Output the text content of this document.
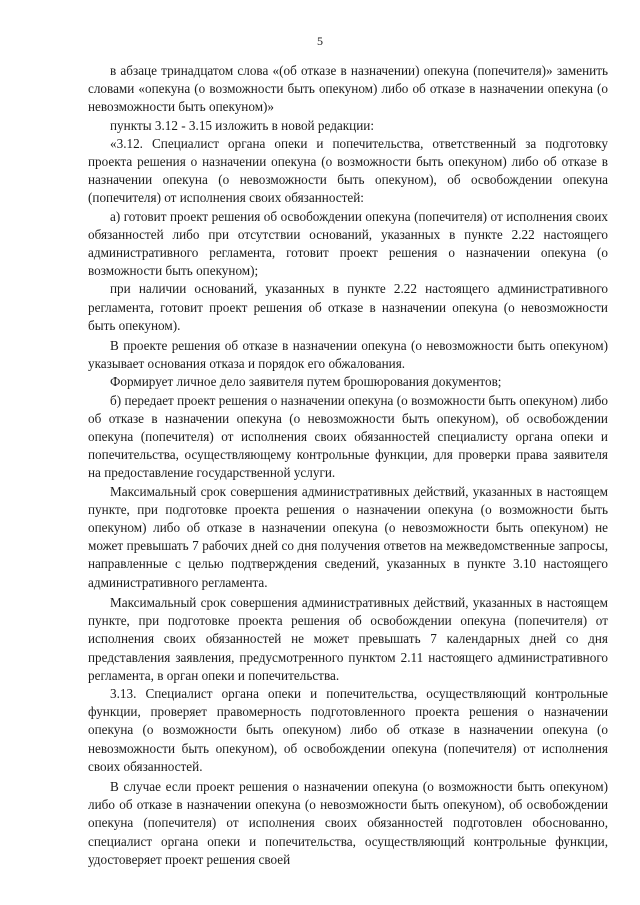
5

в абзаце тринадцатом слова «(об отказе в назначении) опекуна (попечителя)» заменить словами «опекуна (о возможности быть опекуном) либо об отказе в назначении опекуна (о невозможности быть опекуном)»

пункты 3.12 - 3.15 изложить в новой редакции:

«3.12. Специалист органа опеки и попечительства, ответственный за подготовку проекта решения о назначении опекуна (о возможности быть опекуном) либо об отказе в назначении опекуна (о невозможности быть опекуном), об освобождении опекуна (попечителя) от исполнения своих обязанностей:

а) готовит проект решения об освобождении опекуна (попечителя) от исполнения своих обязанностей либо при отсутствии оснований, указанных в пункте 2.22 настоящего административного регламента, готовит проект решения о назначении опекуна (о возможности быть опекуном);

при наличии оснований, указанных в пункте 2.22 настоящего административного регламента, готовит проект решения об отказе в назначении опекуна (о невозможности быть опекуном).

В проекте решения об отказе в назначении опекуна (о невозможности быть опекуном) указывает основания отказа и порядок его обжалования.

Формирует личное дело заявителя путем брошюрования документов;

б) передает проект решения о назначении опекуна (о возможности быть опекуном) либо об отказе в назначении опекуна (о невозможности быть опекуном), об освобождении опекуна (попечителя) от исполнения своих обязанностей специалисту органа опеки и попечительства, осуществляющему контрольные функции, для проверки права заявителя на предоставление государственной услуги.

Максимальный срок совершения административных действий, указанных в настоящем пункте, при подготовке проекта решения о назначении опекуна (о возможности быть опекуном) либо об отказе в назначении опекуна (о невозможности быть опекуном) не может превышать 7 рабочих дней со дня получения ответов на межведомственные запросы, направленные с целью подтверждения сведений, указанных в пункте 3.10 настоящего административного регламента.

Максимальный срок совершения административных действий, указанных в настоящем пункте, при подготовке проекта решения об освобождении опекуна (попечителя) от исполнения своих обязанностей не может превышать 7 календарных дней со дня представления заявления, предусмотренного пунктом 2.11 настоящего административного регламента, в орган опеки и попечительства.

3.13. Специалист органа опеки и попечительства, осуществляющий контрольные функции, проверяет правомерность подготовленного проекта решения о назначении опекуна (о возможности быть опекуном) либо об отказе в назначении опекуна (о невозможности быть опекуном), об освобождении опекуна (попечителя) от исполнения своих обязанностей.

В случае если проект решения о назначении опекуна (о возможности быть опекуном) либо об отказе в назначении опекуна (о невозможности быть опекуном), об освобождении опекуна (попечителя) от исполнения своих обязанностей подготовлен обоснованно, специалист органа опеки и попечительства, осуществляющий контрольные функции, удостоверяет проект решения своей
